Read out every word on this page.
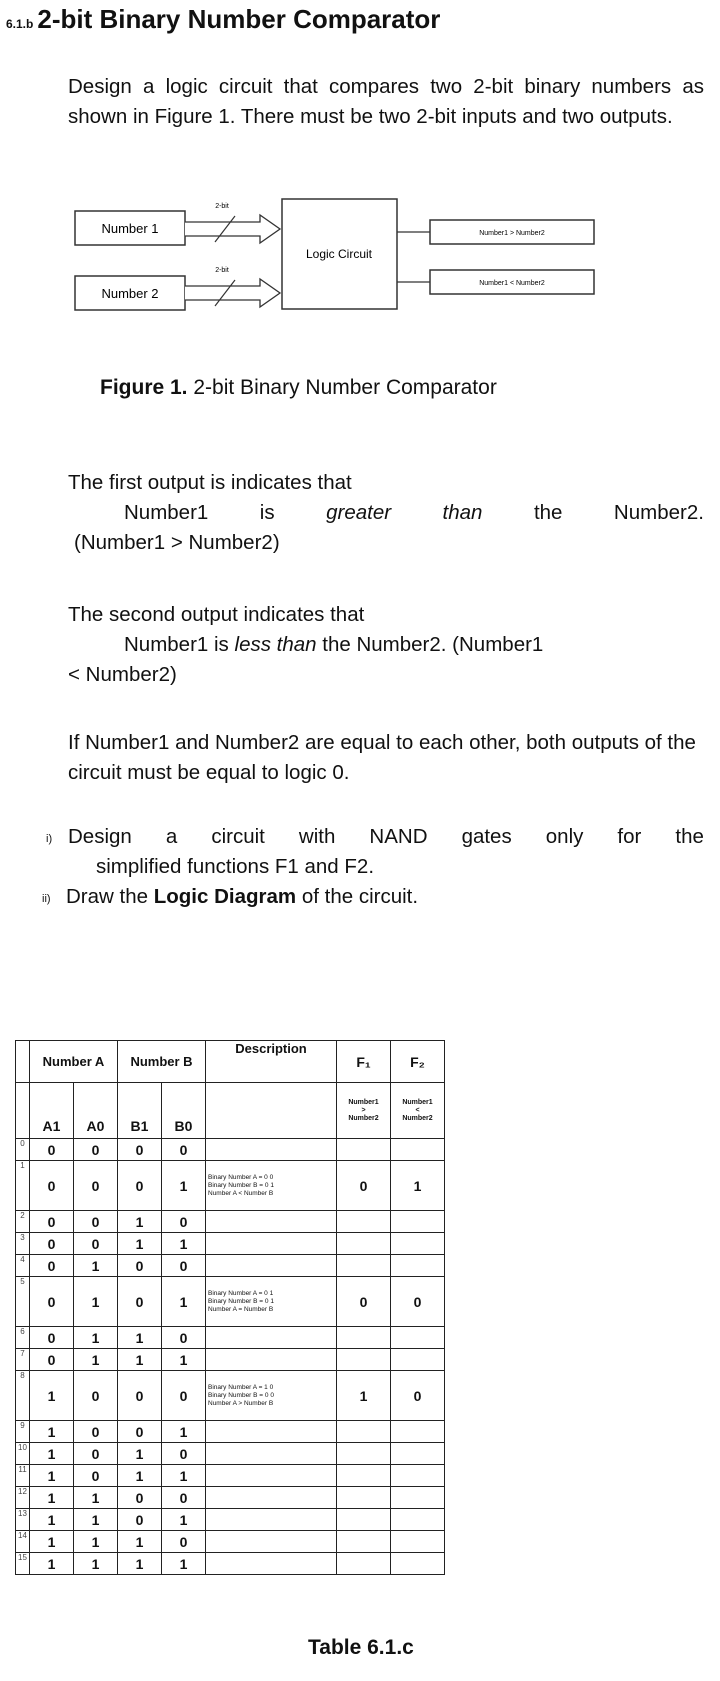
6.1.b 2-bit Binary Number Comparator
Design a logic circuit that compares two 2-bit binary numbers as shown in Figure 1. There must be two 2-bit inputs and two outputs.
Number 1
Number 2
2-bit
2-bit
Logic Circuit
Number1 > Number2
Number1 < Number2
Figure 1. 2-bit Binary Number Comparator
The first output is indicates that
Number1	is	greater	than	the	Number2.
(Number1 > Number2)
The second output indicates that
Number1 is less than the Number2. (Number1
< Number2)
If Number1 and Number2 are equal to each other, both outputs of the circuit must be equal to logic 0.
i) Design a circuit with NAND gates only for the
simplified functions F1 and F2.
ii) Draw the Logic Diagram of the circuit.
	Number A		Number B		Description	F₁	F₂
	A1	A0	B1	B0		Number1
>
Number2	Number1
<
Number2
0	0	0	0	0			
1	0	0	0	1	Binary Number A = 0 0
Binary Number B = 0 1
Number A < Number B	0	1
2	0	0	1	0			
3	0	0	1	1			
4	0	1	0	0			
5	0	1	0	1	Binary Number A = 0 1
Binary Number B = 0 1
Number A = Number B	0	0
6	0	1	1	0			
7	0	1	1	1			
8	1	0	0	0	Binary Number A = 1 0
Binary Number B = 0 0
Number A > Number B	1	0
9	1	0	0	1			
10	1	0	1	0			
11	1	0	1	1			
12	1	1	0	0			
13	1	1	0	1			
14	1	1	1	0			
15	1	1	1	1			
Table 6.1.c
